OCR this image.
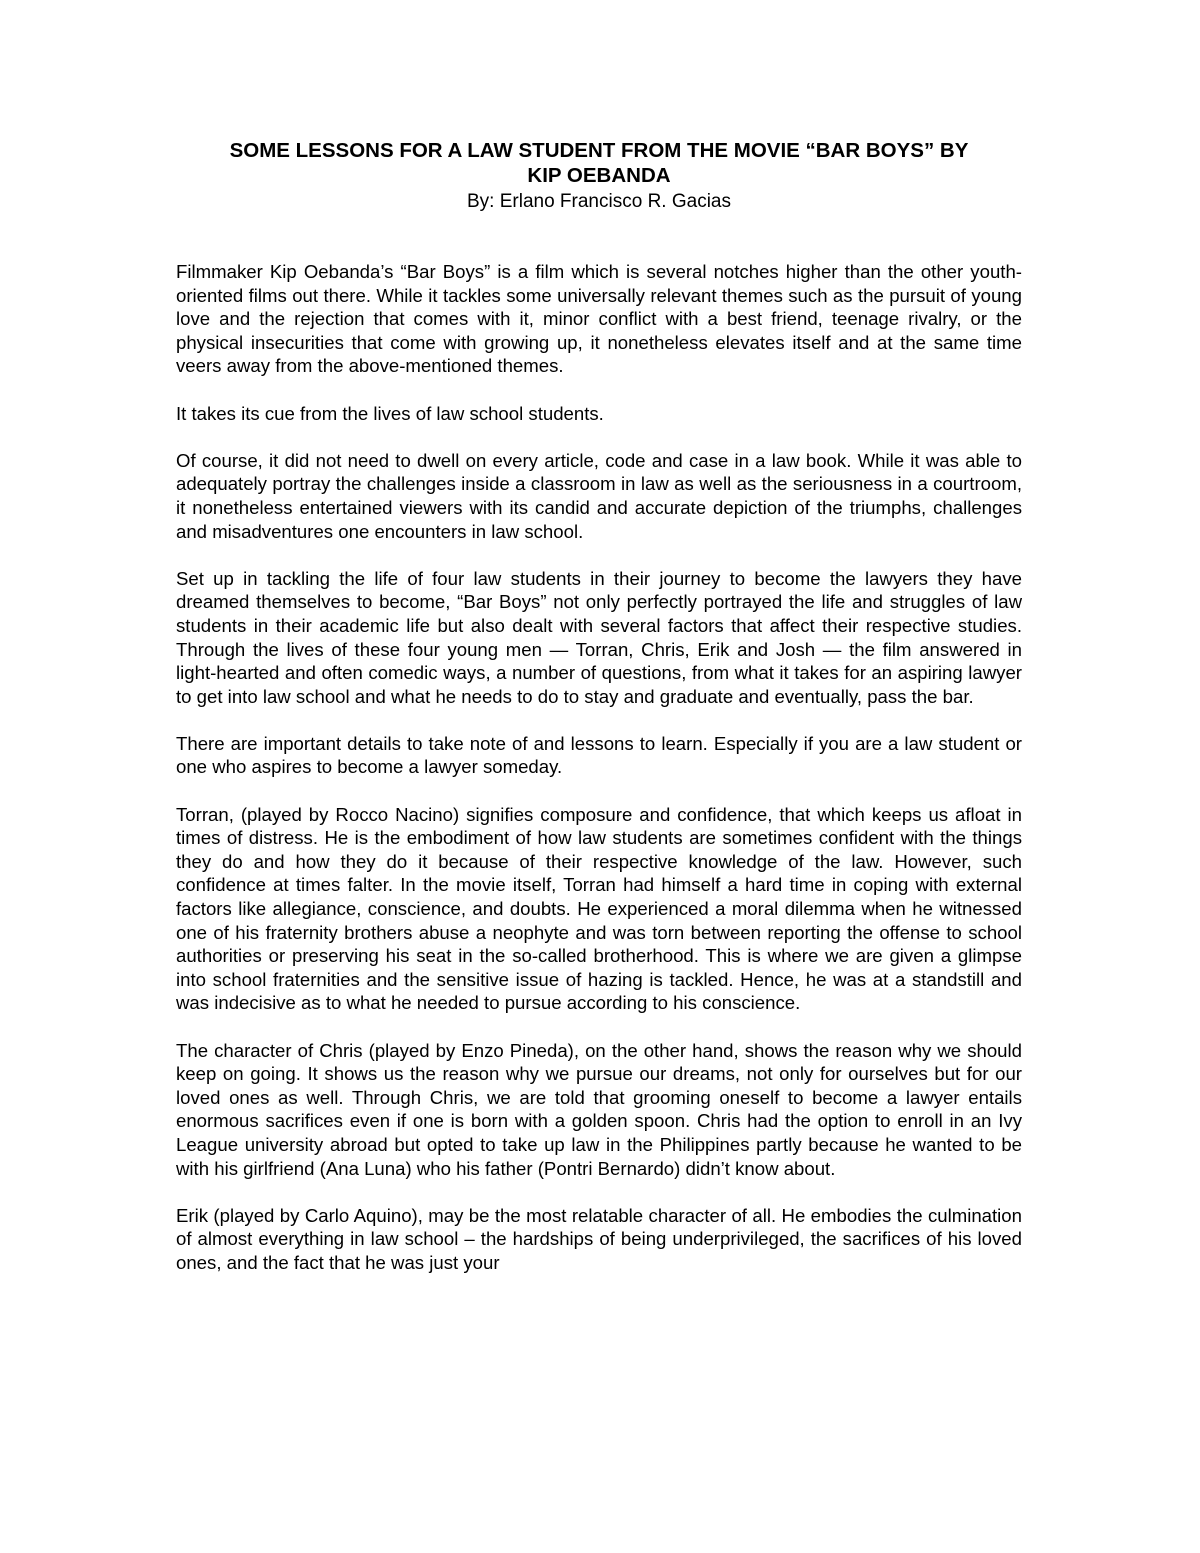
SOME LESSONS FOR A LAW STUDENT FROM THE MOVIE “BAR BOYS” BY
KIP OEBANDA

By: Erlano Francisco R. Gacias

Filmmaker Kip Oebanda’s “Bar Boys” is a film which is several notches higher than the other youth-oriented films out there. While it tackles some universally relevant themes such as the pursuit of young love and the rejection that comes with it, minor conflict with a best friend, teenage rivalry, or the physical insecurities that come with growing up, it nonetheless elevates itself and at the same time veers away from the above-mentioned themes.

It takes its cue from the lives of law school students.

Of course, it did not need to dwell on every article, code and case in a law book. While it was able to adequately portray the challenges inside a classroom in law as well as the seriousness in a courtroom, it nonetheless entertained viewers with its candid and accurate depiction of the triumphs, challenges and misadventures one encounters in law school.

Set up in tackling the life of four law students in their journey to become the lawyers they have dreamed themselves to become, “Bar Boys” not only perfectly portrayed the life and struggles of law students in their academic life but also dealt with several factors that affect their respective studies. Through the lives of these four young men — Torran, Chris, Erik and Josh — the film answered in light-hearted and often comedic ways, a number of questions, from what it takes for an aspiring lawyer to get into law school and what he needs to do to stay and graduate and eventually, pass the bar.

There are important details to take note of and lessons to learn. Especially if you are a law student or one who aspires to become a lawyer someday.

Torran, (played by Rocco Nacino) signifies composure and confidence, that which keeps us afloat in times of distress. He is the embodiment of how law students are sometimes confident with the things they do and how they do it because of their respective knowledge of the law. However, such confidence at times falter. In the movie itself, Torran had himself a hard time in coping with external factors like allegiance, conscience, and doubts. He experienced a moral dilemma when he witnessed one of his fraternity brothers abuse a neophyte and was torn between reporting the offense to school authorities or preserving his seat in the so-called brotherhood. This is where we are given a glimpse into school fraternities and the sensitive issue of hazing is tackled. Hence, he was at a standstill and was indecisive as to what he needed to pursue according to his conscience.

The character of Chris (played by Enzo Pineda), on the other hand, shows the reason why we should keep on going. It shows us the reason why we pursue our dreams, not only for ourselves but for our loved ones as well. Through Chris, we are told that grooming oneself to become a lawyer entails enormous sacrifices even if one is born with a golden spoon. Chris had the option to enroll in an Ivy League university abroad but opted to take up law in the Philippines partly because he wanted to be with his girlfriend (Ana Luna) who his father (Pontri Bernardo) didn’t know about.

Erik (played by Carlo Aquino), may be the most relatable character of all. He embodies the culmination of almost everything in law school – the hardships of being underprivileged, the sacrifices of his loved ones, and the fact that he was just your
